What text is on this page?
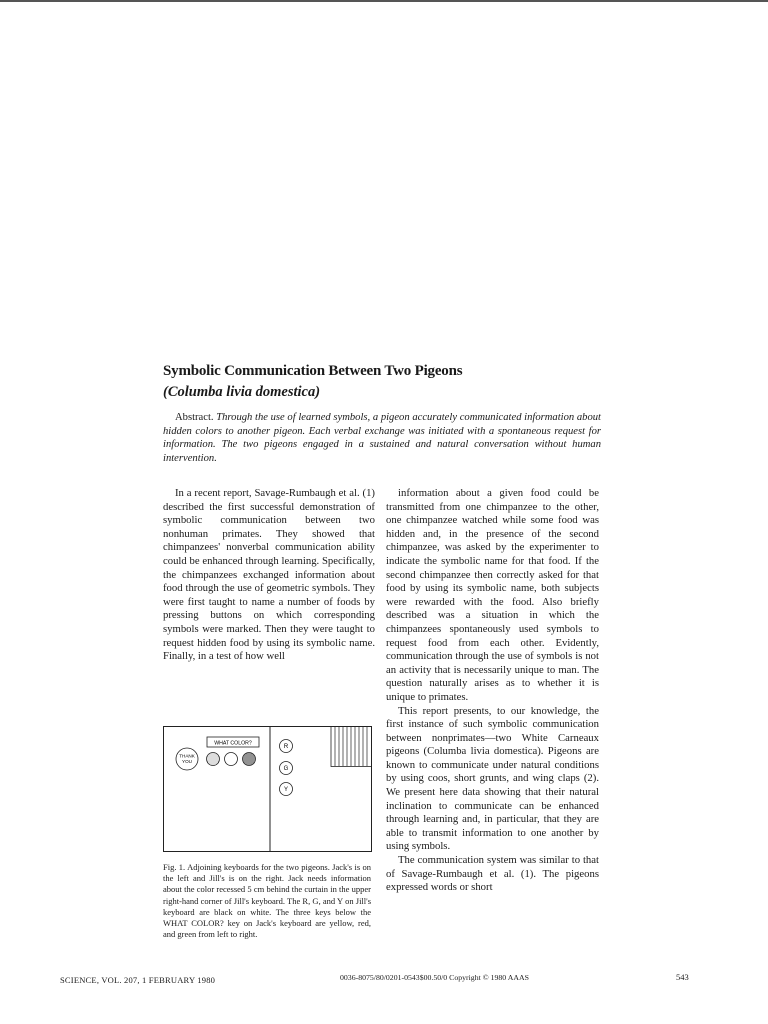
Symbolic Communication Between Two Pigeons
(Columba livia domestica)
Abstract. Through the use of learned symbols, a pigeon accurately communicated information about hidden colors to another pigeon. Each verbal exchange was initiated with a spontaneous request for information. The two pigeons engaged in a sustained and natural conversation without human intervention.

In a recent report, Savage-Rumbaugh et al. (1) described the first successful demonstration of symbolic communication between two nonhuman primates. They showed that chimpanzees' nonverbal communication ability could be enhanced through learning. Specifically, the chimpanzees exchanged information about food through the use of geometric symbols. They were first taught to name a number of foods by pressing buttons on which corresponding symbols were marked. Then they were taught to request hidden food by using its symbolic name. Finally, in a test of how well

information about a given food could be transmitted from one chimpanzee to the other, one chimpanzee watched while some food was hidden and, in the presence of the second chimpanzee, was asked by the experimenter to indicate the symbolic name for that food. If the second chimpanzee then correctly asked for that food by using its symbolic name, both subjects were rewarded with the food. Also briefly described was a situation in which the chimpanzees spontaneously used symbols to request food from each other. Evidently, communication through the use of symbols is not an activity that is necessarily unique to man. The question naturally arises as to whether it is unique to primates.

This report presents, to our knowledge, the first instance of such symbolic communication between nonprimates—two White Carneaux pigeons (Columba livia domestica). Pigeons are known to communicate under natural conditions by using coos, short grunts, and wing claps (2). We present here data showing that their natural inclination to communicate can be enhanced through learning and, in particular, that they are able to transmit information to one another by using symbols.

The communication system was similar to that of Savage-Rumbaugh et al. (1). The pigeons expressed words or short

WHAT COLOR?
THANK
YOU
R
G
Y
Fig. 1. Adjoining keyboards for the two pigeons. Jack's is on the left and Jill's is on the right. Jack needs information about the color recessed 5 cm behind the curtain in the upper right-hand corner of Jill's keyboard. The R, G, and Y on Jill's keyboard are black on white. The three keys below the WHAT COLOR? key on Jack's keyboard are yellow, red, and green from left to right.
SCIENCE, VOL. 207, 1 FEBRUARY 1980	0036-8075/80/0201-0543$00.50/0 Copyright © 1980 AAAS	543
